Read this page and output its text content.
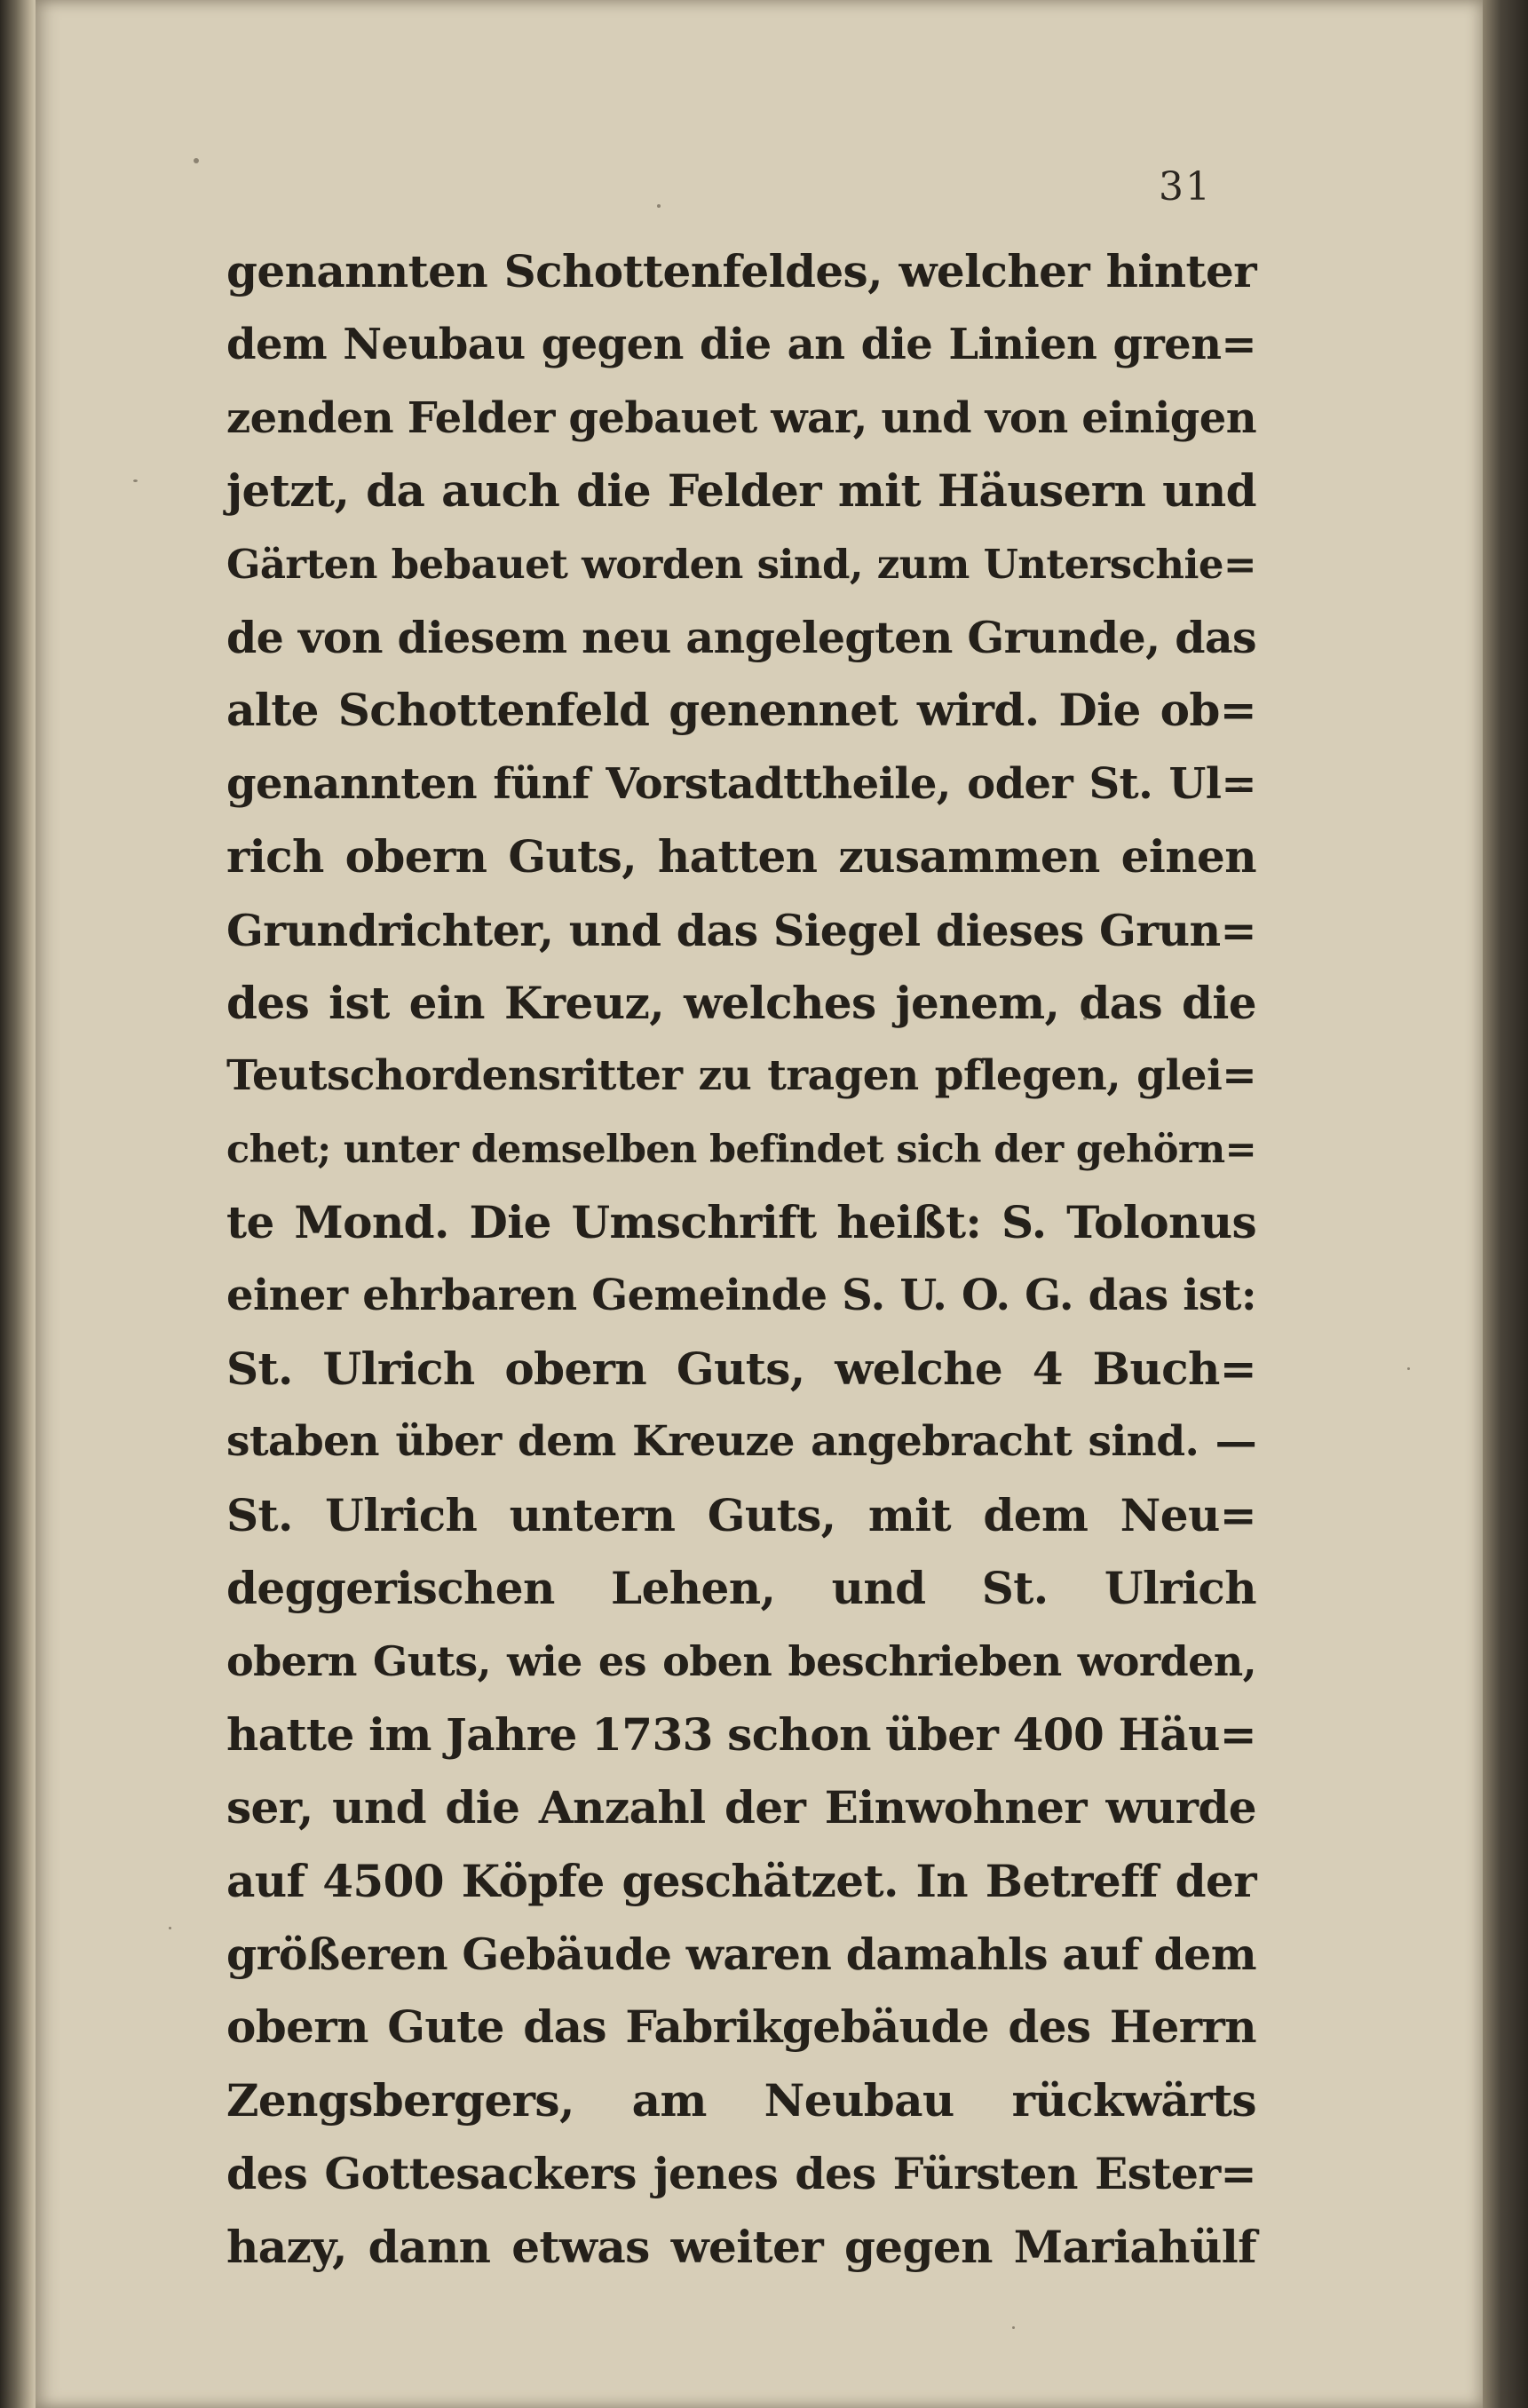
31
genannten Schottenfeldes, welcher hinter
dem Neubau gegen die an die Linien gren=
zenden Felder gebauet war, und von einigen
jetzt, da auch die Felder mit Häusern und
Gärten bebauet worden sind, zum Unterschie=
de von diesem neu angelegten Grunde, das
alte Schottenfeld genennet wird. Die ob=
genannten fünf Vorstadttheile, oder St. Ul=
rich obern Guts, hatten zusammen einen
Grundrichter, und das Siegel dieses Grun=
des ist ein Kreuz, welches jenem, das die
Teutschordensritter zu tragen pflegen, glei=
chet; unter demselben befindet sich der gehörn=
te Mond. Die Umschrift heißt: S. Tolonus
einer ehrbaren Gemeinde S. U. O. G. das ist:
St. Ulrich obern Guts, welche 4 Buch=
staben über dem Kreuze angebracht sind. —
St. Ulrich untern Guts, mit dem Neu=
deggerischen Lehen, und St. Ulrich
obern Guts, wie es oben beschrieben worden,
hatte im Jahre 1733 schon über 400 Häu=
ser, und die Anzahl der Einwohner wurde
auf 4500 Köpfe geschätzet. In Betreff der
größeren Gebäude waren damahls auf dem
obern Gute das Fabrikgebäude des Herrn
Zengsbergers, am Neubau rückwärts
des Gottesackers jenes des Fürsten Ester=
hazy, dann etwas weiter gegen Mariahülf
